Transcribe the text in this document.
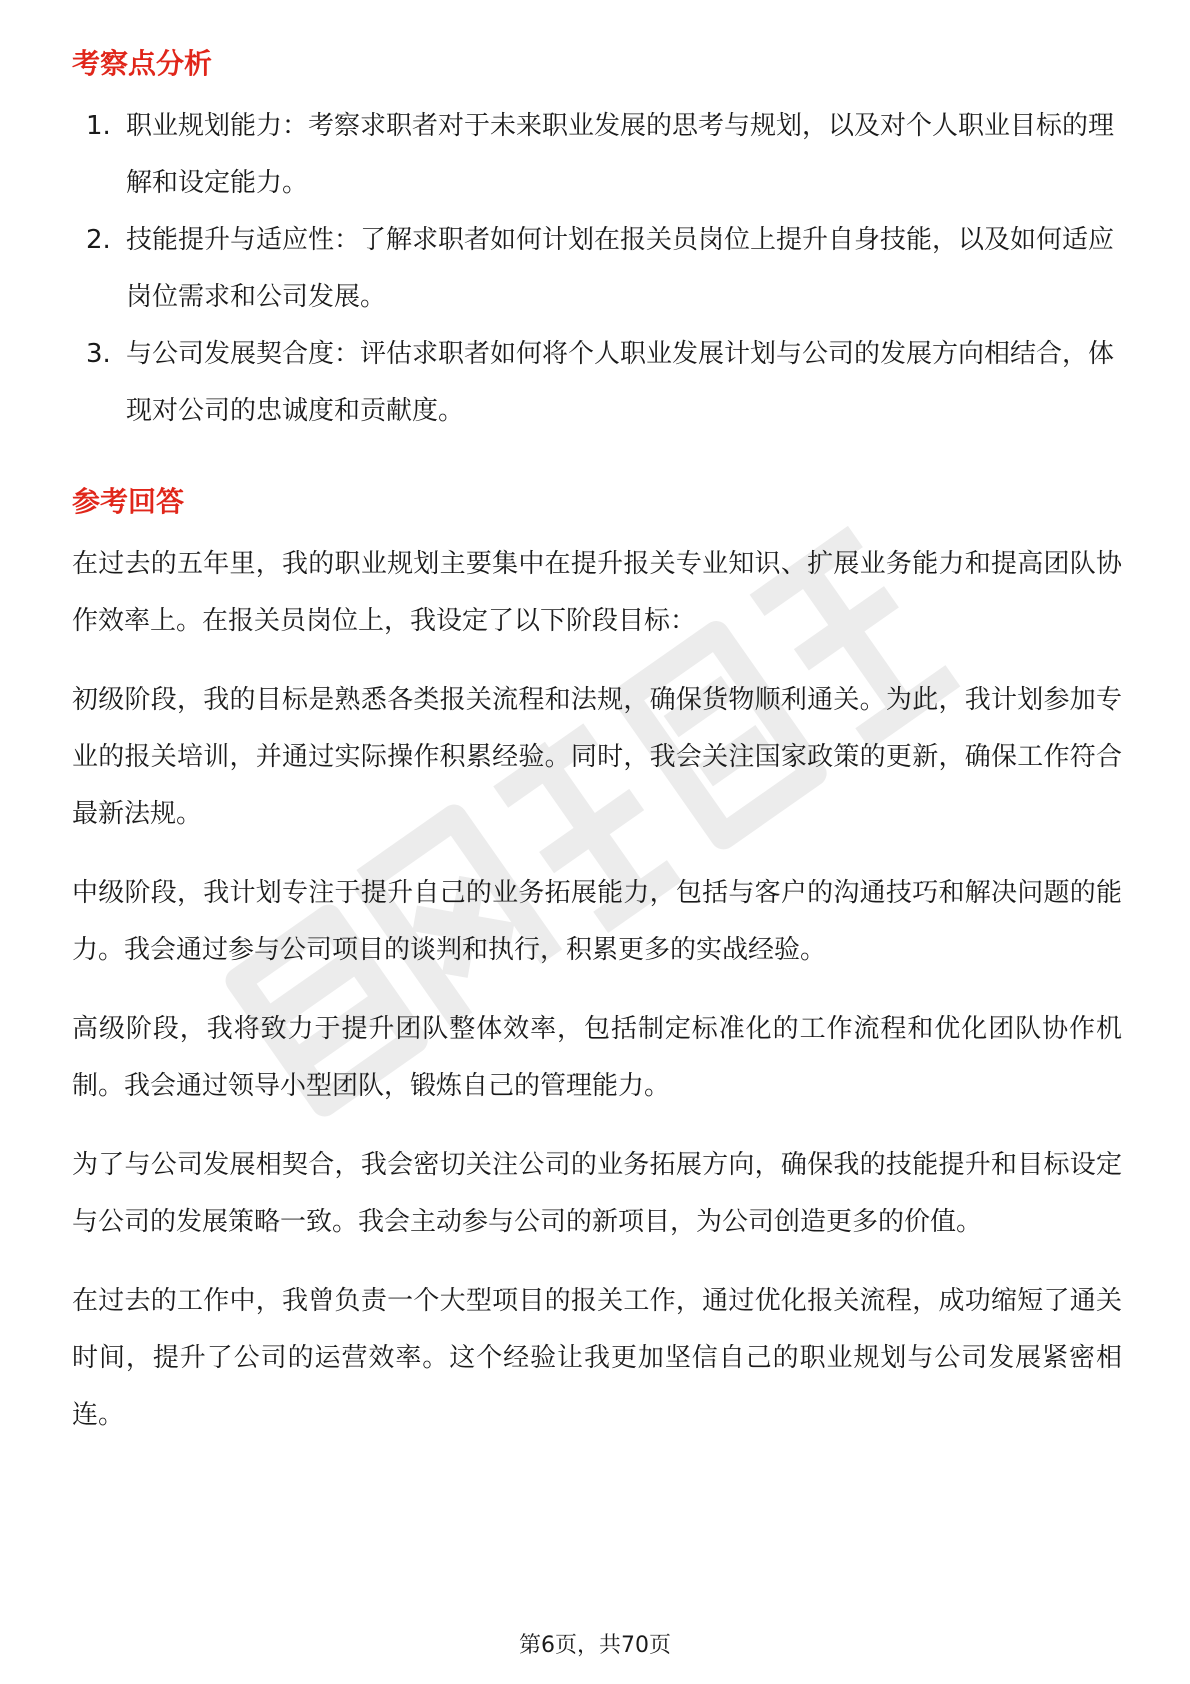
考察点分析
1. 职业规划能力：考察求职者对于未来职业发展的思考与规划，以及对个人职业目标的理解和设定能力。
2. 技能提升与适应性：了解求职者如何计划在报关员岗位上提升自身技能，以及如何适应岗位需求和公司发展。
3. 与公司发展契合度：评估求职者如何将个人职业发展计划与公司的发展方向相结合，体现对公司的忠诚度和贡献度。
参考回答

在过去的五年里，我的职业规划主要集中在提升报关专业知识、扩展业务能力和提高团队协作效率上。在报关员岗位上，我设定了以下阶段目标：

初级阶段，我的目标是熟悉各类报关流程和法规，确保货物顺利通关。为此，我计划参加专业的报关培训，并通过实际操作积累经验。同时，我会关注国家政策的更新，确保工作符合最新法规。

中级阶段，我计划专注于提升自己的业务拓展能力，包括与客户的沟通技巧和解决问题的能力。我会通过参与公司项目的谈判和执行，积累更多的实战经验。

高级阶段，我将致力于提升团队整体效率，包括制定标准化的工作流程和优化团队协作机制。我会通过领导小型团队，锻炼自己的管理能力。

为了与公司发展相契合，我会密切关注公司的业务拓展方向，确保我的技能提升和目标设定与公司的发展策略一致。我会主动参与公司的新项目，为公司创造更多的价值。

在过去的工作中，我曾负责一个大型项目的报关工作，通过优化报关流程，成功缩短了通关时间，提升了公司的运营效率。这个经验让我更加坚信自己的职业规划与公司发展紧密相连。

第6页，共70页
